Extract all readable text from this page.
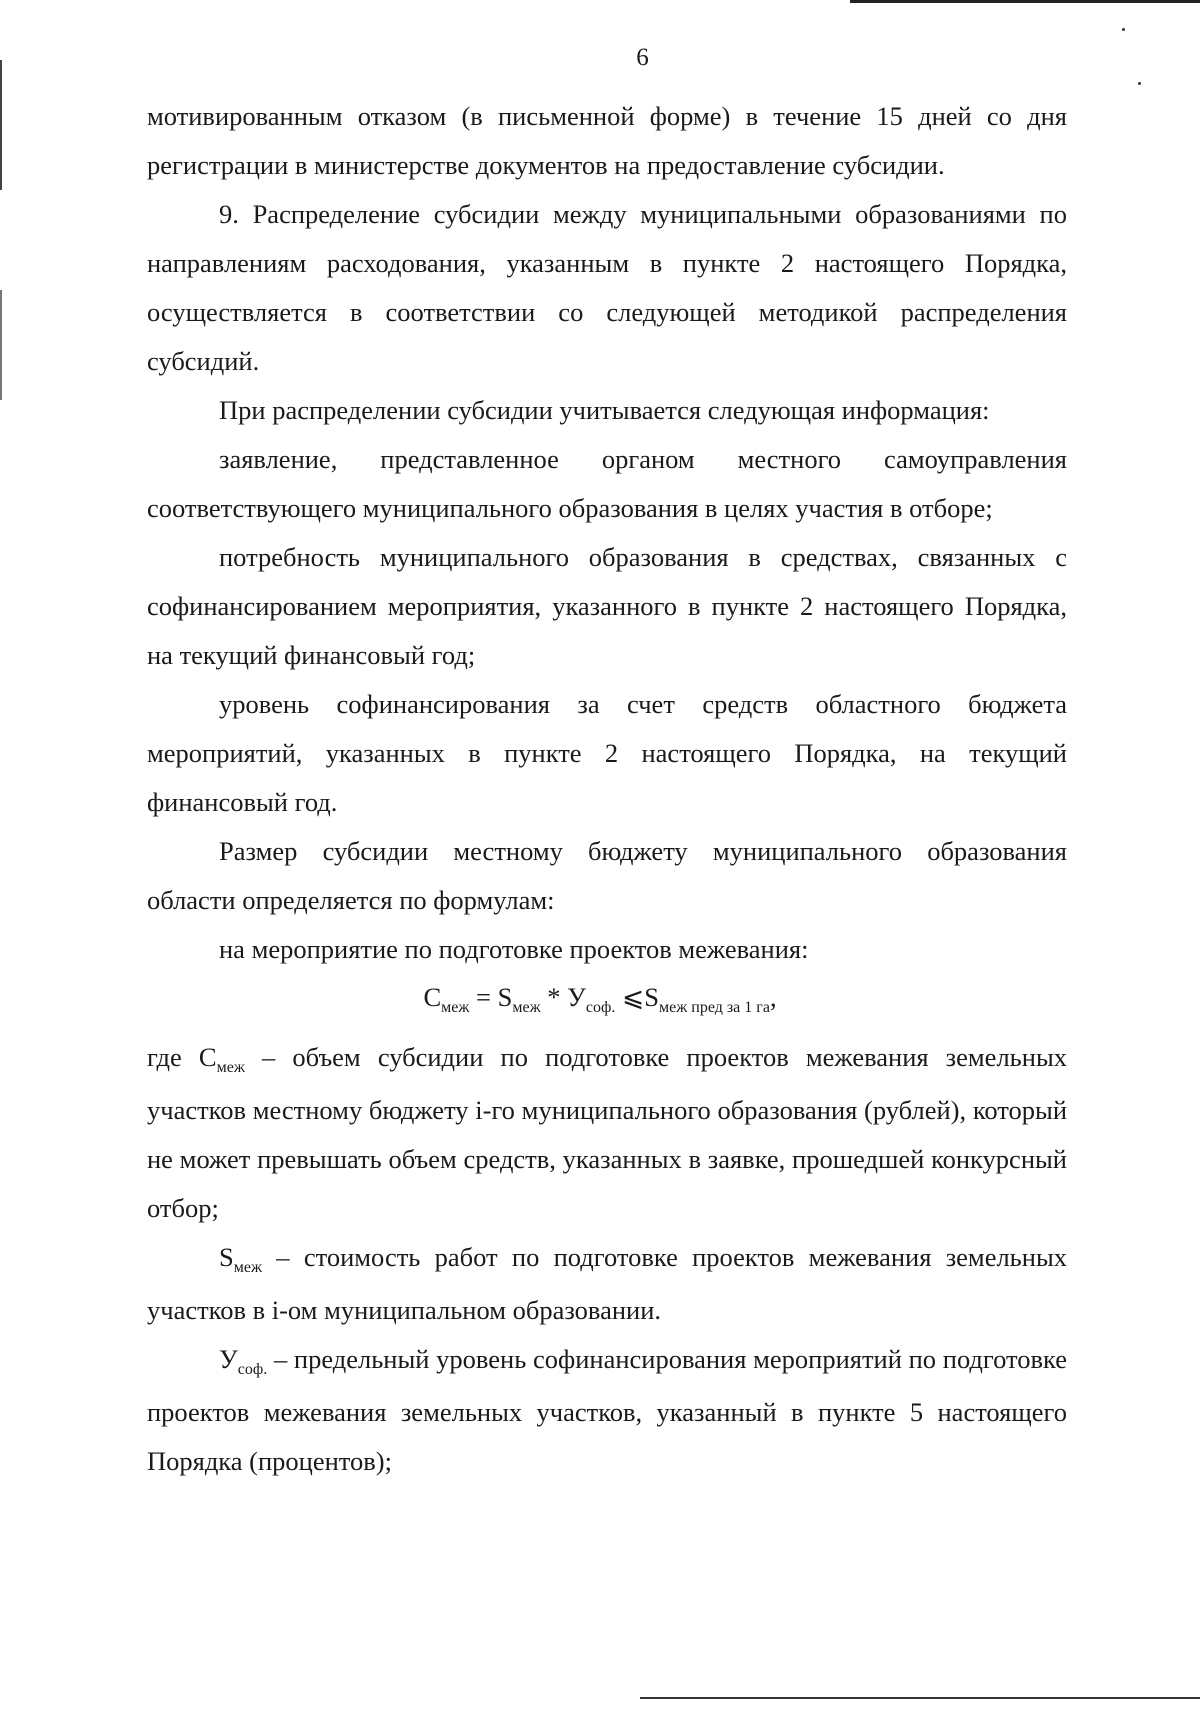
6

мотивированным отказом (в письменной форме) в течение 15 дней со дня регистрации в министерстве документов на предоставление субсидии.

9. Распределение субсидии между муниципальными образованиями по направлениям расходования, указанным в пункте 2 настоящего Порядка, осуществляется в соответствии со следующей методикой распределения субсидий.

При распределении субсидии учитывается следующая информация:

заявление, представленное органом местного самоуправления соответствующего муниципального образования в целях участия в отборе;

потребность муниципального образования в средствах, связанных с софинансированием мероприятия, указанного в пункте 2 настоящего Порядка, на текущий финансовый год;

уровень софинансирования за счет средств областного бюджета мероприятий, указанных в пункте 2 настоящего Порядка, на текущий финансовый год.

Размер субсидии местному бюджету муниципального образования области определяется по формулам:

на мероприятие по подготовке проектов межевания:

$С_{меж} = S_{меж} * У_{соф.}$ $⩽S_{меж пред за 1 га}$,

где $С_{меж}$ – объем субсидии по подготовке проектов межевания земельных участков местному бюджету i-го муниципального образования (рублей), который не может превышать объем средств, указанных в заявке, прошедшей конкурсный отбор;

$S_{меж}$ – стоимость работ по подготовке проектов межевания земельных участков в i-ом муниципальном образовании.

$У_{соф.}$ – предельный уровень софинансирования мероприятий по подготовке проектов межевания земельных участков, указанный в пункте 5 настоящего Порядка (процентов);
